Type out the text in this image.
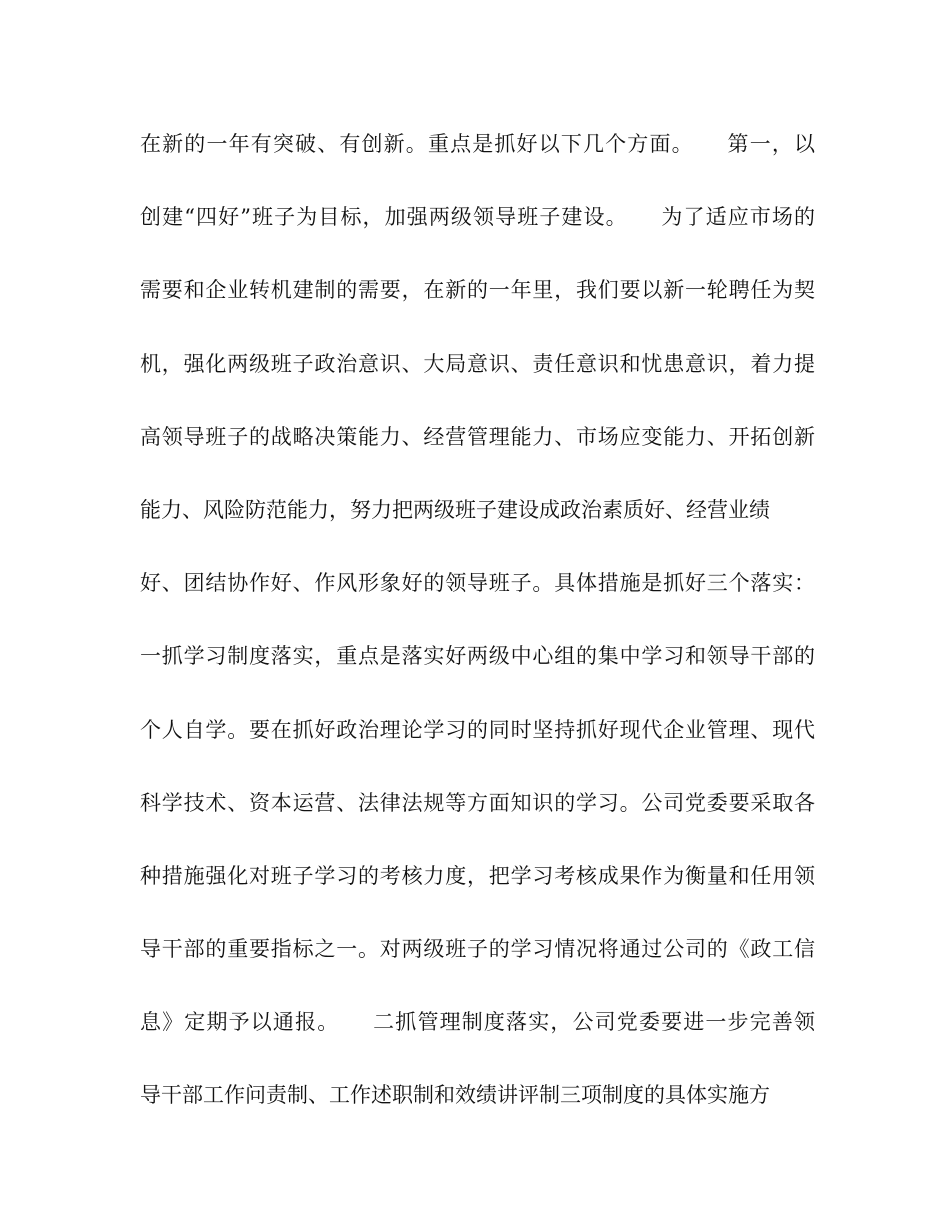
在新的一年有突破、有创新。重点是抓好以下几个方面。　　第一，以
创建“四好”班子为目标，加强两级领导班子建设。　　为了适应市场的
需要和企业转机建制的需要，在新的一年里，我们要以新一轮聘任为契
机，强化两级班子政治意识、大局意识、责任意识和忧患意识，着力提
高领导班子的战略决策能力、经营管理能力、市场应变能力、开拓创新
能力、风险防范能力，努力把两级班子建设成政治素质好、经营业绩
好、团结协作好、作风形象好的领导班子。具体措施是抓好三个落实：
一抓学习制度落实，重点是落实好两级中心组的集中学习和领导干部的
个人自学。要在抓好政治理论学习的同时坚持抓好现代企业管理、现代
科学技术、资本运营、法律法规等方面知识的学习。公司党委要采取各
种措施强化对班子学习的考核力度，把学习考核成果作为衡量和任用领
导干部的重要指标之一。对两级班子的学习情况将通过公司的《政工信
息》定期予以通报。　　二抓管理制度落实，公司党委要进一步完善领
导干部工作问责制、工作述职制和效绩讲评制三项制度的具体实施方
